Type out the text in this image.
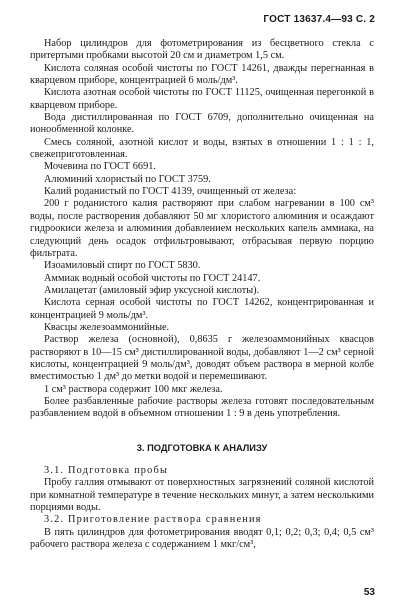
ГОСТ 13637.4—93 С. 2

Набор цилиндров для фотометрирования из бесцветного стекла с притертыми пробками высотой 20 см и диаметром 1,5 см.

Кислота соляная особой чистоты по ГОСТ 14261, дважды перегнанная в кварцевом приборе, концентрацией 6 моль/дм³.

Кислота азотная особой чистоты по ГОСТ 11125, очищенная перегонкой в кварцевом приборе.

Вода дистиллированная по ГОСТ 6709, дополнительно очищенная на ионообменной колонке.

Смесь соляной, азотной кислот и воды, взятых в отношении 1 : 1 : 1, свежеприготовленная.

Мочевина по ГОСТ 6691.

Алюминий хлористый по ГОСТ 3759.

Калий роданистый по ГОСТ 4139, очищенный от железа:

200 г роданистого калия растворяют при слабом нагревании в 100 см³ воды, после растворения добавляют 50 мг хлористого алюминия и осаждают гидроокиси железа и алюминия добавлением нескольких капель аммиака, на следующий день осадок отфильтровывают, отбрасывая первую порцию фильтрата.

Изоамиловый спирт по ГОСТ 5830.

Аммиак водный особой чистоты по ГОСТ 24147.

Амилацетат (амиловый эфир уксусной кислоты).

Кислота серная особой чистоты по ГОСТ 14262, концентрированная и концентрацией 9 моль/дм³.

Квасцы железоаммонийные.

Раствор железа (основной), 0,8635 г железоаммонийных квасцов растворяют в 10—15 см³ дистиллированной воды, добавляют 1—2 см³ серной кислоты, концентрацией 9 моль/дм³, доводят объем раствора в мерной колбе вместимостью 1 дм³ до метки водой и перемешивают.

1 см³ раствора содержит 100 мкг железа.

Более разбавленные рабочие растворы железа готовят последовательным разбавлением водой в объемном отношении 1 : 9 в день употребления.

3. ПОДГОТОВКА К АНАЛИЗУ

3.1. Подготовка пробы

Пробу галлия отмывают от поверхностных загрязнений соляной кислотой при комнатной температуре в течение нескольких минут, а затем несколькими порциями воды.

3.2. Приготовление раствора сравнения

В пять цилиндров для фотометрирования вводят 0,1; 0,2; 0,3; 0,4; 0,5 см³ рабочего раствора железа с содержанием 1 мкг/см³,

53
